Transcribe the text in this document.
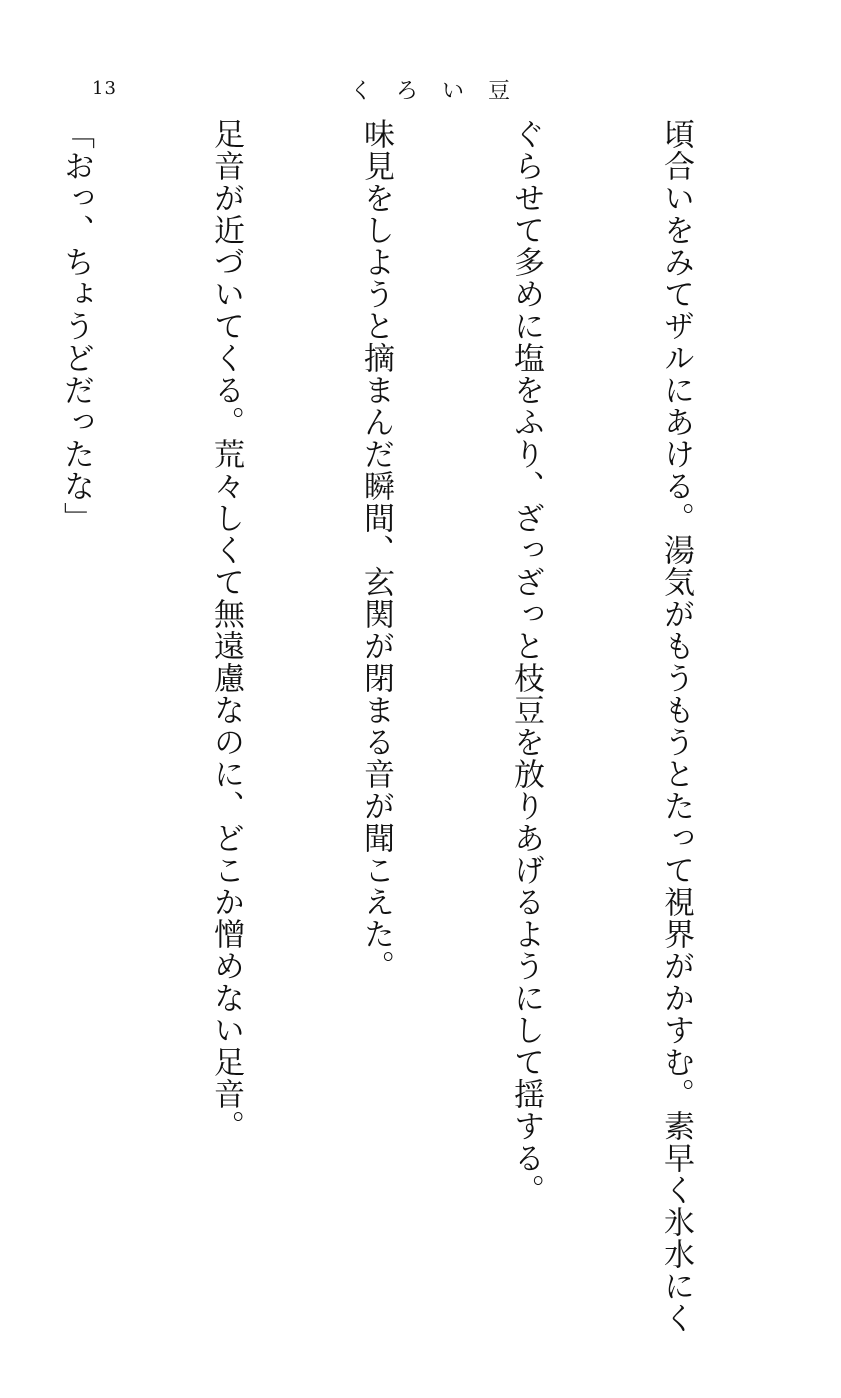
13	くろい豆

頃合いをみてザルにあける。湯気がもうもうとたって視界がかすむ。素早く氷水にく

ぐらせて多めに塩をふり、ざっざっと枝豆を放りあげるようにして揺する。

味見をしようと摘まんだ瞬間、玄関が閉まる音が聞こえた。

足音が近づいてくる。荒々しくて無遠慮なのに、どこか憎めない足音。

「おっ、ちょうどだったな」
